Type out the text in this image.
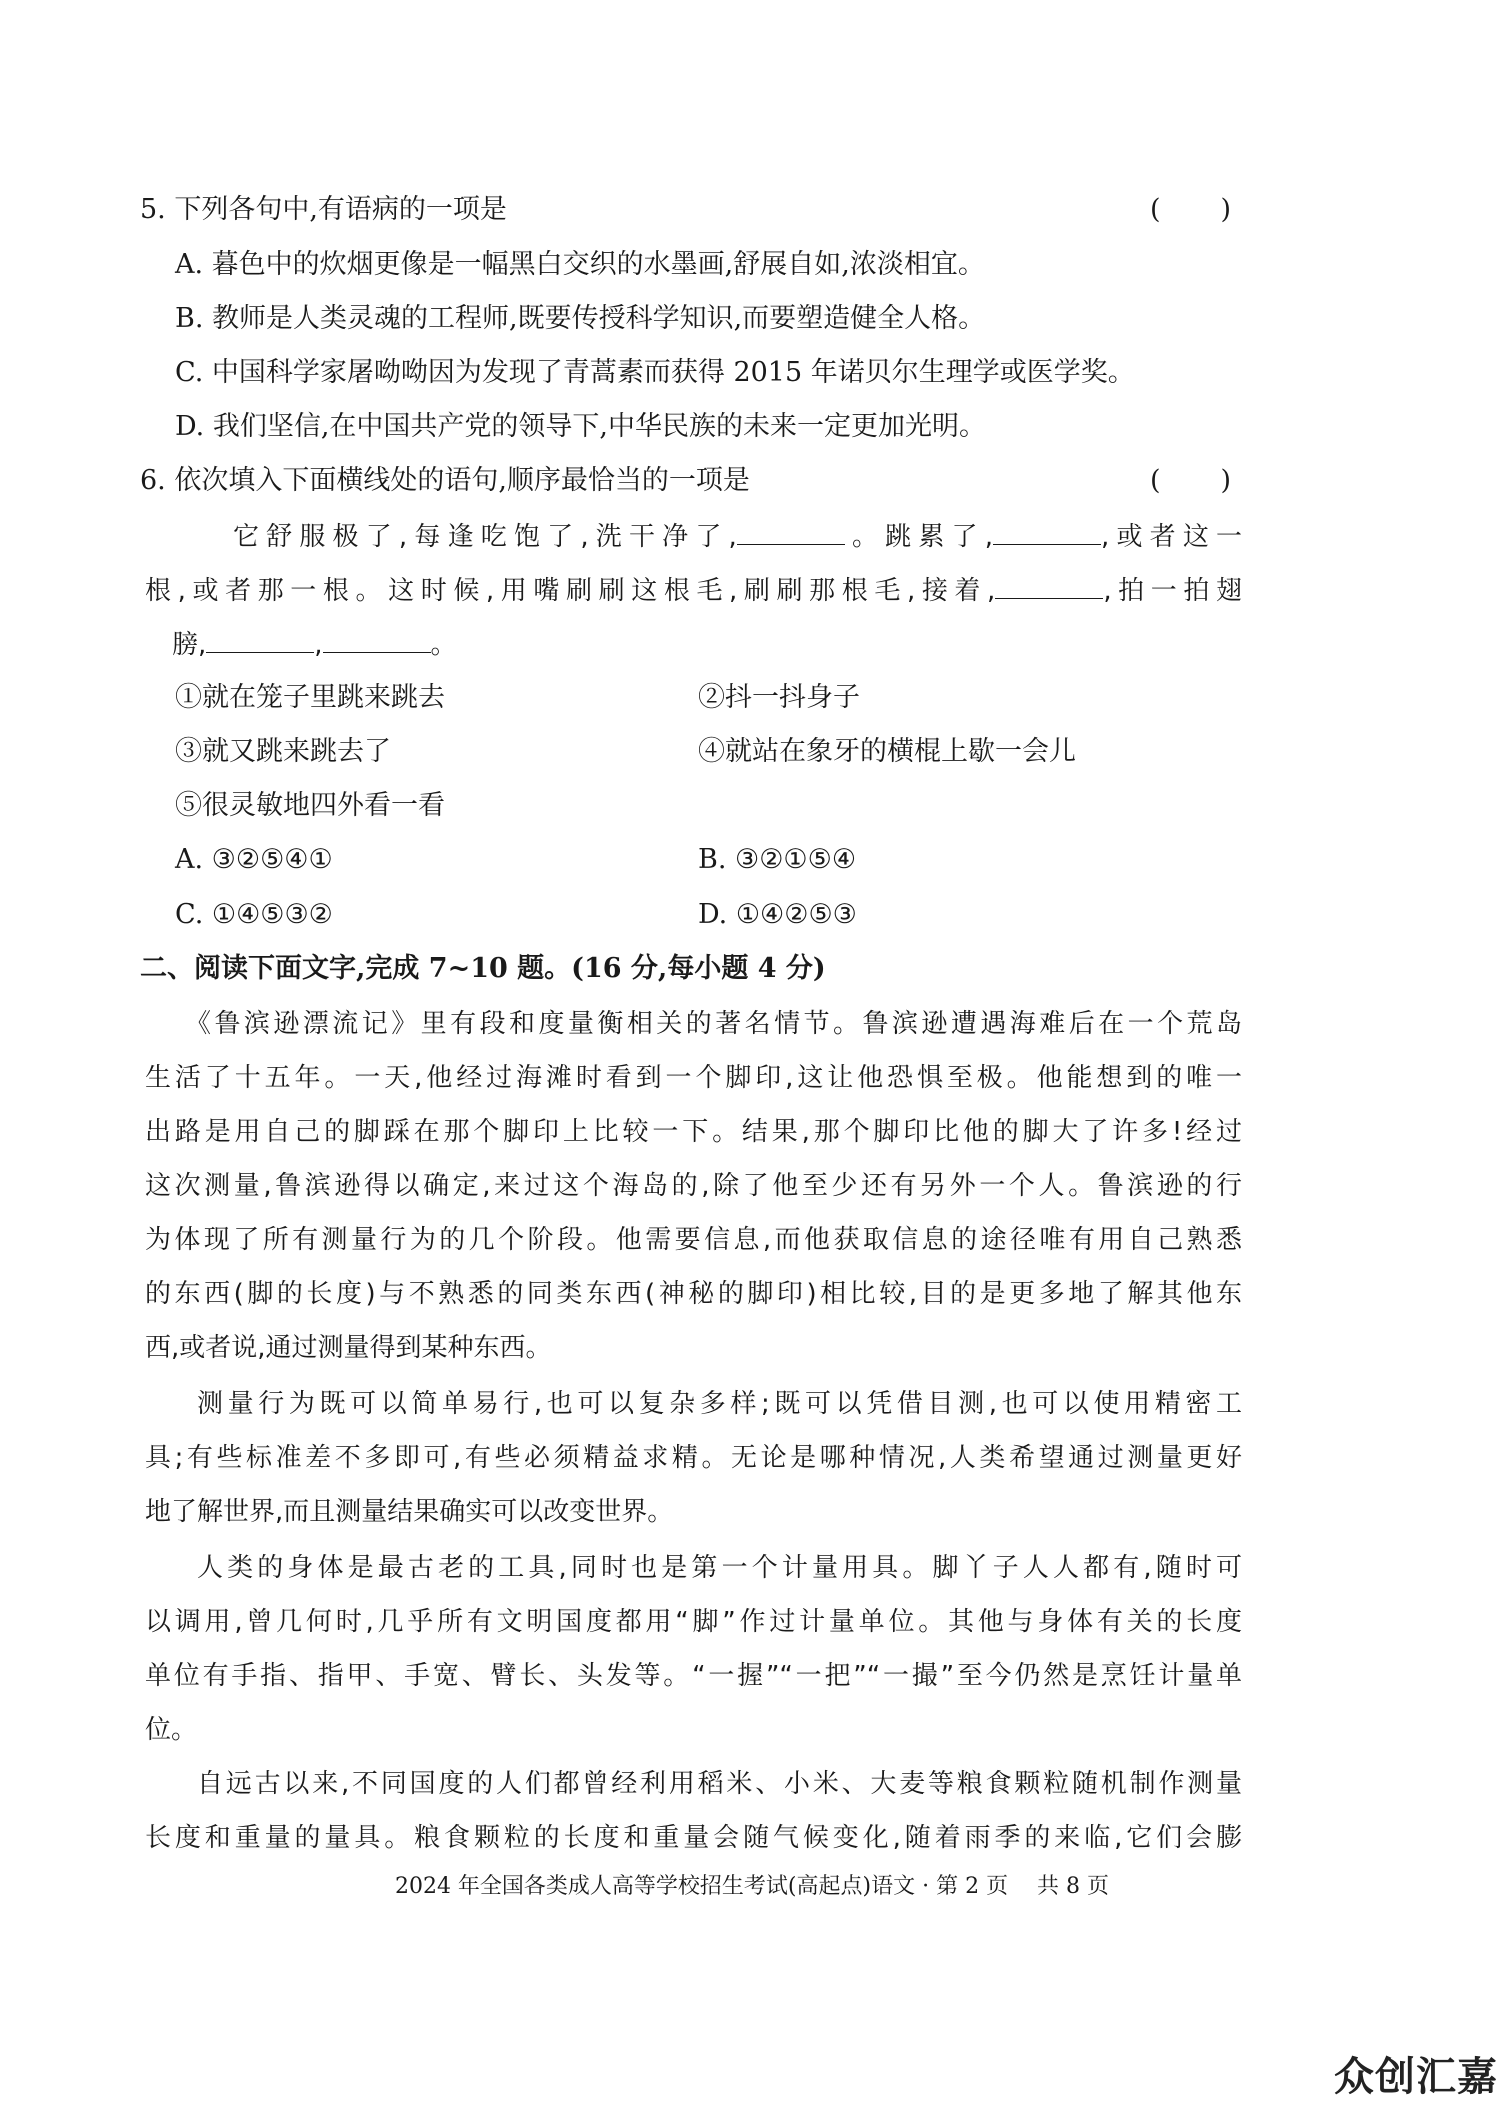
5. 下列各句中,有语病的一项是	(　　)
A. 暮色中的炊烟更像是一幅黑白交织的水墨画,舒展自如,浓淡相宜。
B. 教师是人类灵魂的工程师,既要传授科学知识,而要塑造健全人格。
C. 中国科学家屠呦呦因为发现了青蒿素而获得 2015 年诺贝尔生理学或医学奖。
D. 我们坚信,在中国共产党的领导下,中华民族的未来一定更加光明。
6. 依次填入下面横线处的语句,顺序最恰当的一项是	(　　)
它舒服极了,每逢吃饱了,洗干净了,	。跳累了,	,或者这一
根,或者那一根。这时候,用嘴刷刷这根毛,刷刷那根毛,接着,	,拍一拍翅
膀,	,	。
①就在笼子里跳来跳去	②抖一抖身子
③就又跳来跳去了	④就站在象牙的横棍上歇一会儿
⑤很灵敏地四外看一看
A. ③②⑤④①	B. ③②①⑤④
C. ①④⑤③②	D. ①④②⑤③
二、阅读下面文字,完成 7~10 题。(16 分,每小题 4 分)
《鲁滨逊漂流记》里有段和度量衡相关的著名情节。鲁滨逊遭遇海难后在一个荒岛
生活了十五年。一天,他经过海滩时看到一个脚印,这让他恐惧至极。他能想到的唯一
出路是用自己的脚踩在那个脚印上比较一下。结果,那个脚印比他的脚大了许多!经过
这次测量,鲁滨逊得以确定,来过这个海岛的,除了他至少还有另外一个人。鲁滨逊的行
为体现了所有测量行为的几个阶段。他需要信息,而他获取信息的途径唯有用自己熟悉
的东西(脚的长度)与不熟悉的同类东西(神秘的脚印)相比较,目的是更多地了解其他东
西,或者说,通过测量得到某种东西。
测量行为既可以简单易行,也可以复杂多样;既可以凭借目测,也可以使用精密工
具;有些标准差不多即可,有些必须精益求精。无论是哪种情况,人类希望通过测量更好
地了解世界,而且测量结果确实可以改变世界。
人类的身体是最古老的工具,同时也是第一个计量用具。脚丫子人人都有,随时可
以调用,曾几何时,几乎所有文明国度都用“脚”作过计量单位。其他与身体有关的长度
单位有手指、指甲、手宽、臂长、头发等。“一握”“一把”“一撮”至今仍然是烹饪计量单
位。
自远古以来,不同国度的人们都曾经利用稻米、小米、大麦等粮食颗粒随机制作测量
长度和重量的量具。粮食颗粒的长度和重量会随气候变化,随着雨季的来临,它们会膨
2024 年全国各类成人高等学校招生考试(高起点)语文 · 第 2 页　 共 8 页
众创汇嘉
